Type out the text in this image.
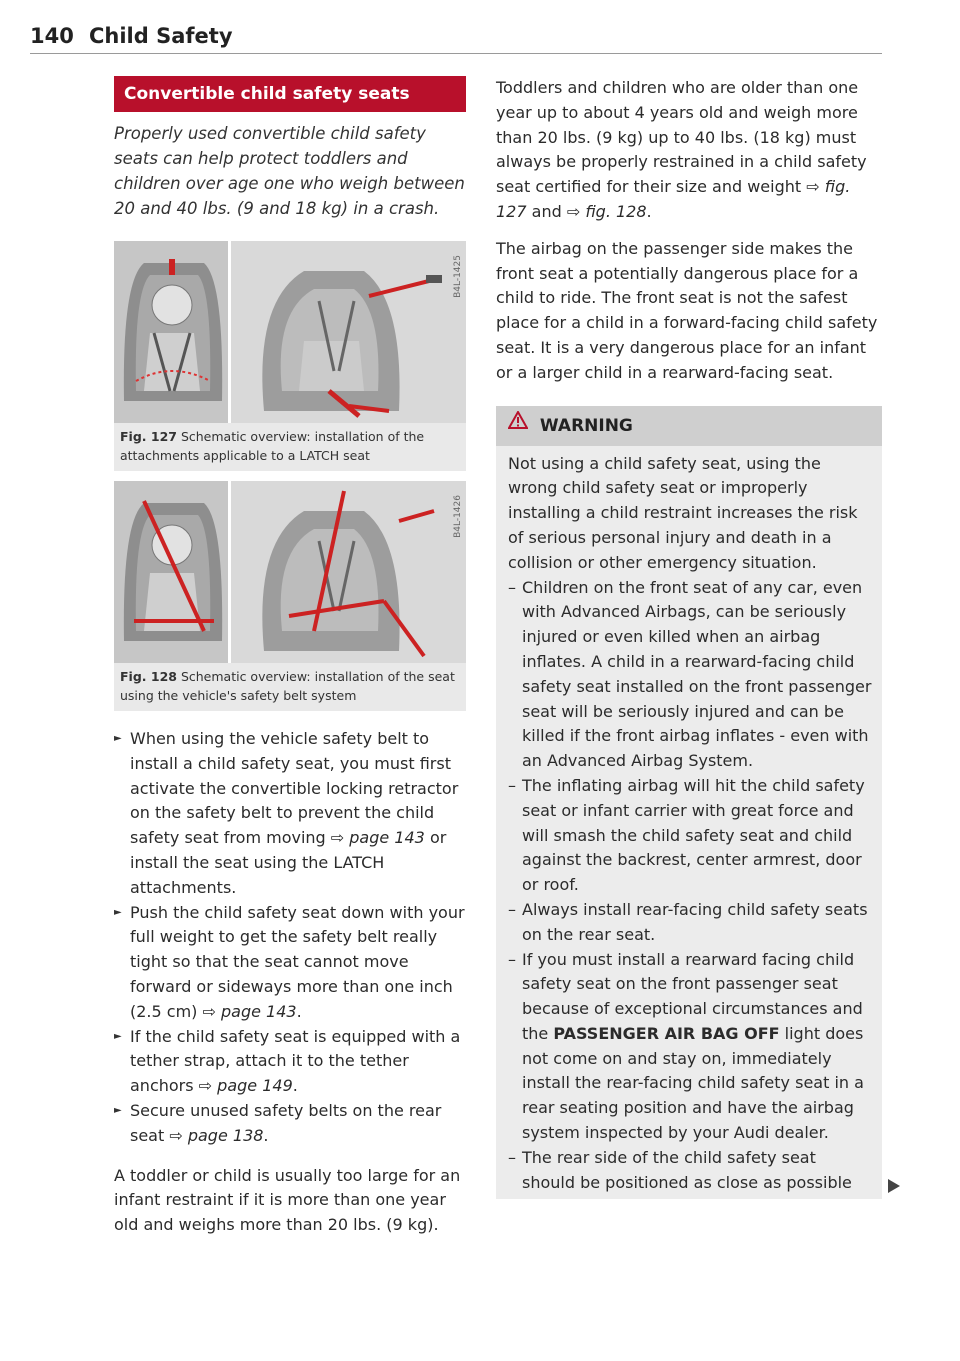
140 Child Safety
Convertible child safety seats

Properly used convertible child safety seats can help protect toddlers and children over age one who weigh between 20 and 40 lbs. (9 and 18 kg) in a crash.

B4L-1425
Fig. 127 Schematic overview: installation of the attachments applicable to a LATCH seat
B4L-1426
Fig. 128 Schematic overview: installation of the seat using the vehicle's safety belt system
► When using the vehicle safety belt to install a child safety seat, you must first activate the convertible locking retractor on the safety belt to prevent the child safety seat from moving ⇨ page 143 or install the seat using the LATCH attachments.
► Push the child safety seat down with your full weight to get the safety belt really tight so that the seat cannot move forward or sideways more than one inch (2.5 cm) ⇨ page 143.
► If the child safety seat is equipped with a tether strap, attach it to the tether anchors ⇨ page 149.
► Secure unused safety belts on the rear seat ⇨ page 138.

A toddler or child is usually too large for an infant restraint if it is more than one year old and weighs more than 20 lbs. (9 kg).

Toddlers and children who are older than one year up to about 4 years old and weigh more than 20 lbs. (9 kg) up to 40 lbs. (18 kg) must always be properly restrained in a child safety seat certified for their size and weight ⇨ fig. 127 and ⇨ fig. 128.

The airbag on the passenger side makes the front seat a potentially dangerous place for a child to ride. The front seat is not the safest place for a child in a forward-facing child safety seat. It is a very dangerous place for an infant or a larger child in a rearward-facing seat.

WARNING

Not using a child safety seat, using the wrong child safety seat or improperly installing a child restraint increases the risk of serious personal injury and death in a collision or other emergency situation.

– Children on the front seat of any car, even with Advanced Airbags, can be seriously injured or even killed when an airbag inflates. A child in a rearward-facing child safety seat installed on the front passenger seat will be seriously injured and can be killed if the front airbag inflates - even with an Advanced Airbag System.
– The inflating airbag will hit the child safety seat or infant carrier with great force and will smash the child safety seat and child against the backrest, center armrest, door or roof.
– Always install rear-facing child safety seats on the rear seat.
– If you must install a rearward facing child safety seat on the front passenger seat because of exceptional circumstances and the PASSENGER AIR BAG OFF light does not come on and stay on, immediately install the rear-facing child safety seat in a rear seating position and have the airbag system inspected by your Audi dealer.
– The rear side of the child safety seat should be positioned as close as possible
